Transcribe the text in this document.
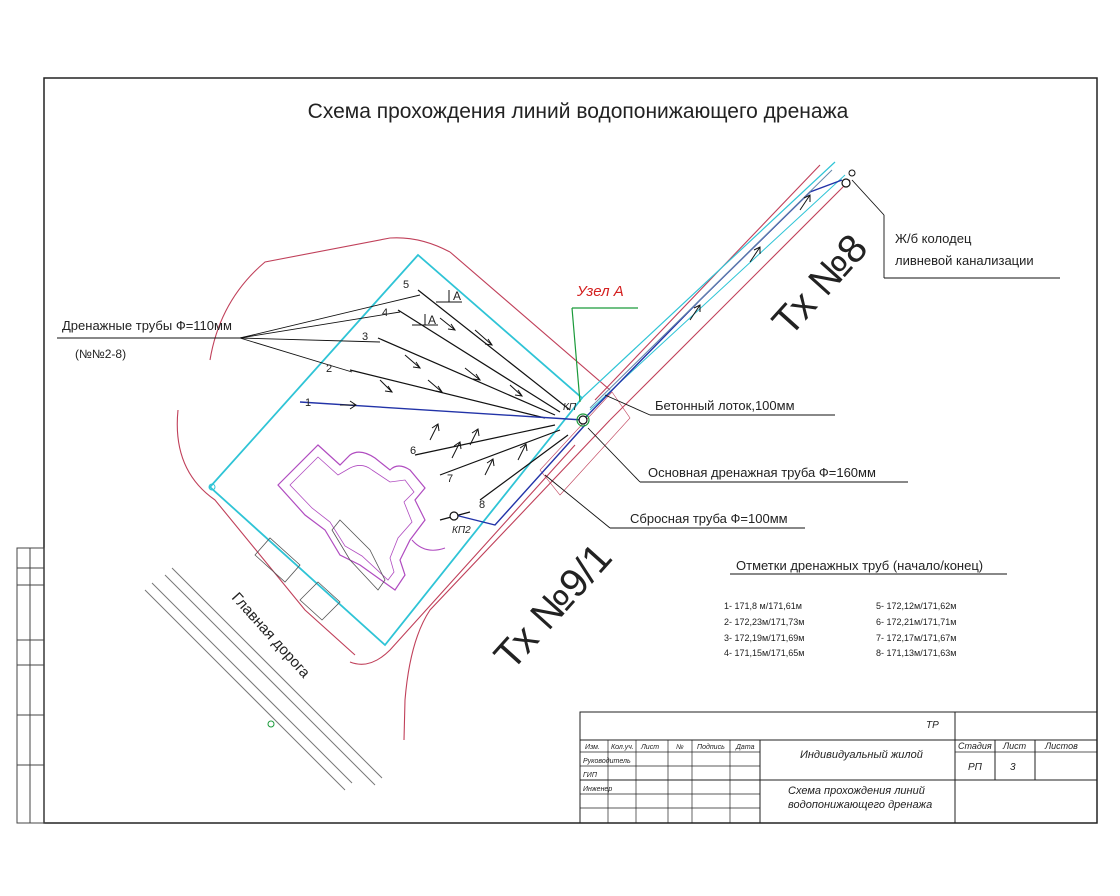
Схема прохождения линий водопонижающего дренажа
А
А
Узел А
КП
КП2
1
2
3
4
5
6
7
8
Дренажные трубы Ф=110мм
(№№2-8)
Ж/б колодец
ливневой канализации
Бетонный лоток,100мм
Основная дренажная труба Ф=160мм
Сбросная труба Ф=100мм
Тх №8
Тх №9/1
Главная дорога
Отметки дренажных труб (начало/конец)
1- 171,8 м/171,61м
2- 172,23м/171,73м
3- 172,19м/171,69м
4- 171,15м/171,65м
5- 172,12м/171,62м
6- 172,21м/171,71м
7- 172,17м/171,67м
8- 171,13м/171,63м
ТР
Изм. Кол.уч. Лист № Подпись Дата
Руководитель
ГИП
Инженер
Индивидуальный жилой
Схема прохождения линий
водопонижающего дренажа
Стадия Лист Листов
РП	3
